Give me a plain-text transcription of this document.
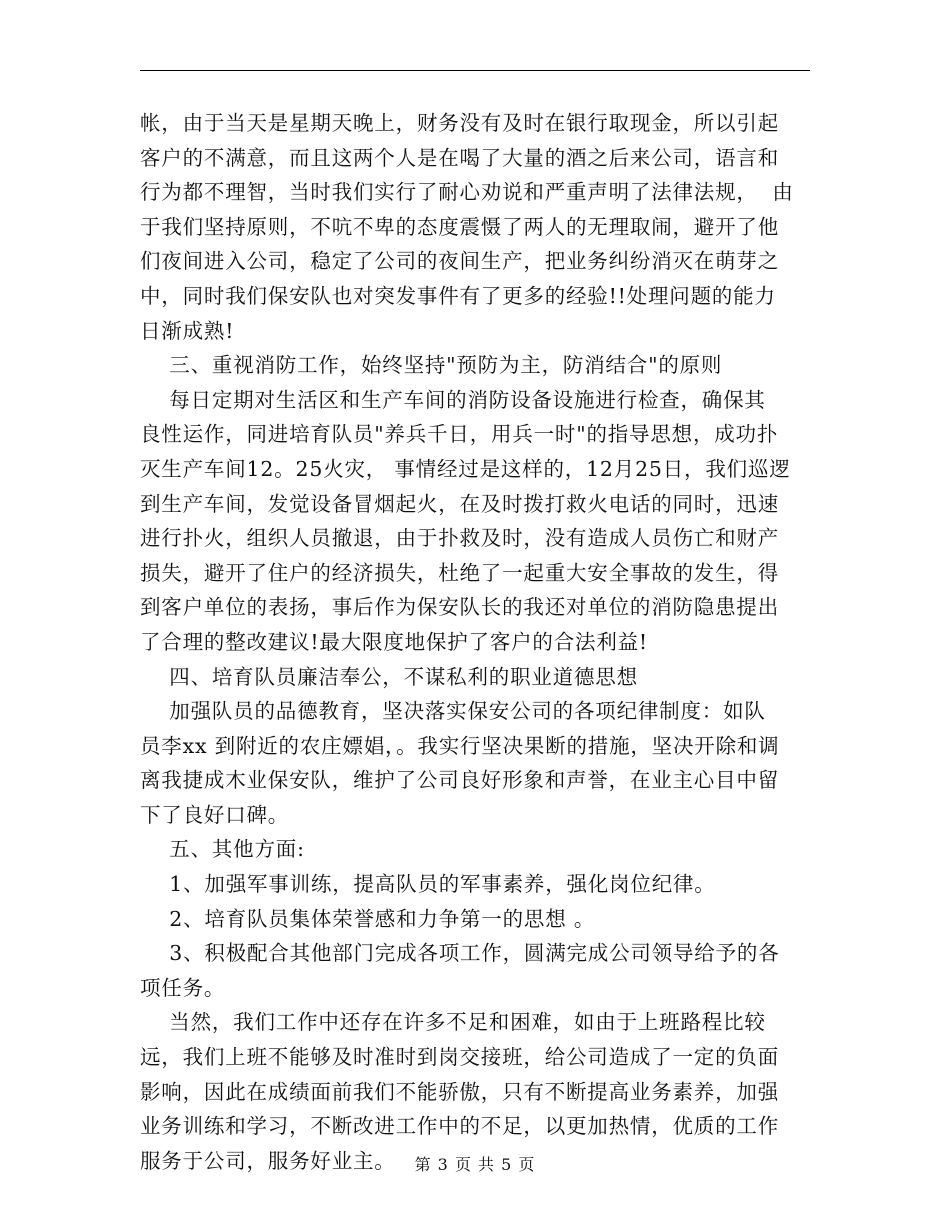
帐，由于当天是星期天晚上，财务没有及时在银行取现金，所以引起
客户的不满意，而且这两个人是在喝了大量的酒之后来公司，语言和
行为都不理智，当时我们实行了耐心劝说和严重声明了法律法规，  由
于我们坚持原则，不吭不卑的态度震慑了两人的无理取闹，避开了他
们夜间进入公司，稳定了公司的夜间生产，把业务纠纷消灭在萌芽之
中，同时我们保安队也对突发事件有了更多的经验!!处理问题的能力
日渐成熟!
三、重视消防工作，始终坚持"预防为主，防消结合"的原则
每日定期对生活区和生产车间的消防设备设施进行检查，确保其
良性运作，同进培育队员"养兵千日，用兵一时"的指导思想，成功扑
灭生产车间12。25火灾， 事情经过是这样的，12月25日，我们巡逻
到生产车间，发觉设备冒烟起火，在及时拨打救火电话的同时，迅速
进行扑火，组织人员撤退，由于扑救及时，没有造成人员伤亡和财产
损失，避开了住户的经济损失，杜绝了一起重大安全事故的发生，得
到客户单位的表扬，事后作为保安队长的我还对单位的消防隐患提出
了合理的整改建议!最大限度地保护了客户的合法利益!
四、培育队员廉洁奉公，不谋私利的职业道德思想
加强队员的品德教育，坚决落实保安公司的各项纪律制度：如队
员李xx 到附近的农庄嫖娼，。我实行坚决果断的措施，坚决开除和调
离我捷成木业保安队，维护了公司良好形象和声誉，在业主心目中留
下了良好口碑。
五、其他方面:
1、加强军事训练，提高队员的军事素养，强化岗位纪律。
2、培育队员集体荣誉感和力争第一的思想 。
3、积极配合其他部门完成各项工作，圆满完成公司领导给予的各
项任务。
当然，我们工作中还存在许多不足和困难，如由于上班路程比较
远，我们上班不能够及时准时到岗交接班，给公司造成了一定的负面
影响，因此在成绩面前我们不能骄傲，只有不断提高业务素养，加强
业务训练和学习，不断改进工作中的不足，以更加热情，优质的工作
服务于公司，服务好业主。	第 3 页 共 5 页
